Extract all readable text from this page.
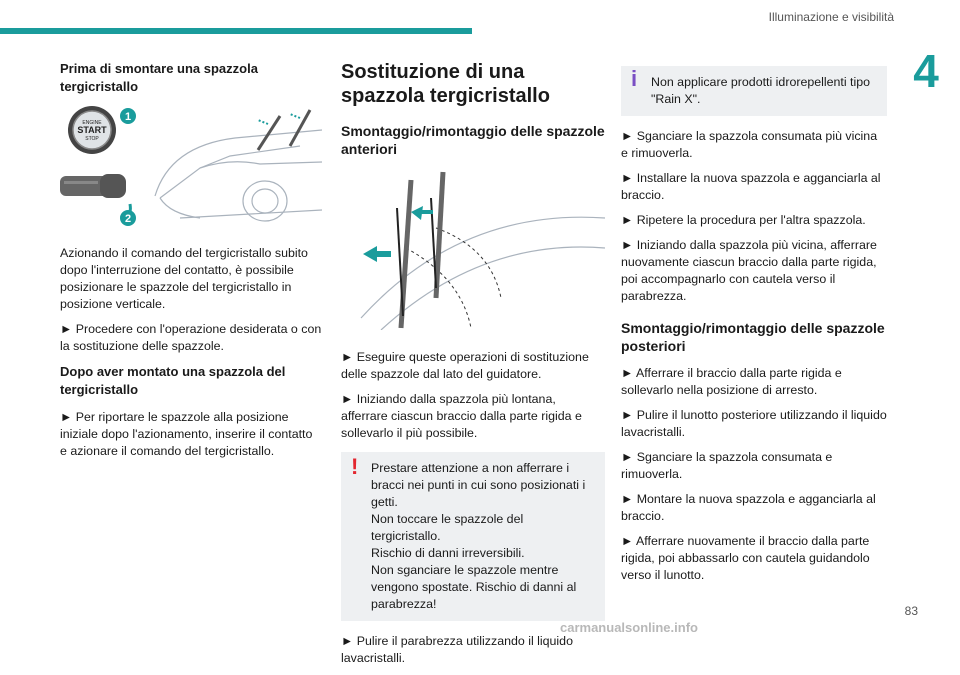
Illuminazione e visibilità
4
Prima di smontare una spazzola tergicristallo
ENGINE
START
STOP
1
2

Azionando il comando del tergicristallo subito dopo l'interruzione del contatto, è possibile posizionare le spazzole del tergicristallo in posizione verticale.

► Procedere con l'operazione desiderata o con la sostituzione delle spazzole.

Dopo aver montato una spazzola del tergicristallo

► Per riportare le spazzole alla posizione iniziale dopo l'azionamento, inserire il contatto e azionare il comando del tergicristallo.

Sostituzione di una spazzola tergicristallo
Smontaggio/rimontaggio delle spazzole anteriori

► Eseguire queste operazioni di sostituzione delle spazzole dal lato del guidatore.

► Iniziando dalla spazzola più lontana, afferrare ciascun braccio dalla parte rigida e sollevarlo il più possibile.

! Prestare attenzione a non afferrare i bracci nei punti in cui sono posizionati i getti.
Non toccare le spazzole del tergicristallo.
Rischio di danni irreversibili.
Non sganciare le spazzole mentre vengono spostate. Rischio di danni al parabrezza!

► Pulire il parabrezza utilizzando il liquido lavacristalli.

i Non applicare prodotti idrorepellenti tipo "Rain X".

► Sganciare la spazzola consumata più vicina e rimuoverla.

► Installare la nuova spazzola e agganciarla al braccio.

► Ripetere la procedura per l'altra spazzola.

► Iniziando dalla spazzola più vicina, afferrare nuovamente ciascun braccio dalla parte rigida, poi accompagnarlo con cautela verso il parabrezza.

Smontaggio/rimontaggio delle spazzole posteriori

► Afferrare il braccio dalla parte rigida e sollevarlo nella posizione di arresto.

► Pulire il lunotto posteriore utilizzando il liquido lavacristalli.

► Sganciare la spazzola consumata e rimuoverla.

► Montare la nuova spazzola e agganciarla al braccio.

► Afferrare nuovamente il braccio dalla parte rigida, poi abbassarlo con cautela guidandolo verso il lunotto.

83
carmanualsonline.info
